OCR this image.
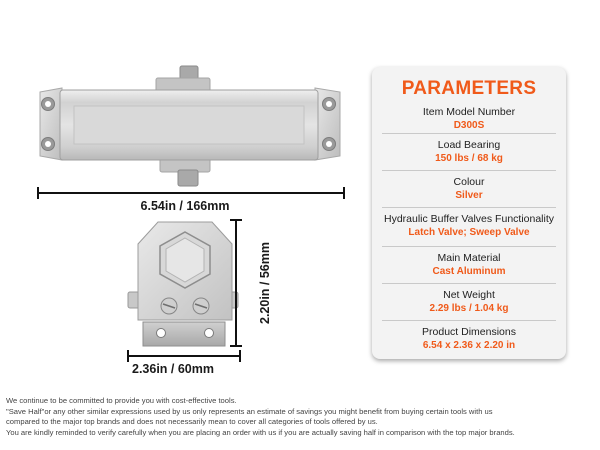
6.54in / 166mm
2.36in / 60mm
2.20in / 56mm
PARAMETERS
Item Model Number
D300S
Load Bearing
150 lbs / 68 kg
Colour
Silver
Hydraulic Buffer Valves Functionality
Latch Valve; Sweep Valve
Main Material
Cast Aluminum
Net Weight
2.29 lbs / 1.04 kg
Product Dimensions
6.54 x 2.36 x 2.20 in
We continue to be committed to provide you with cost-effective tools.
"Save Half"or any other similar expressions used by us only represents an estimate of savings you might benefit from buying certain tools with us
compared to the major top brands and does not necessarily mean to cover all categories of tools offered by us.
You are kindly reminded to verify carefully when you are placing an order with us if you are actually saving half in comparison with the top major brands.
